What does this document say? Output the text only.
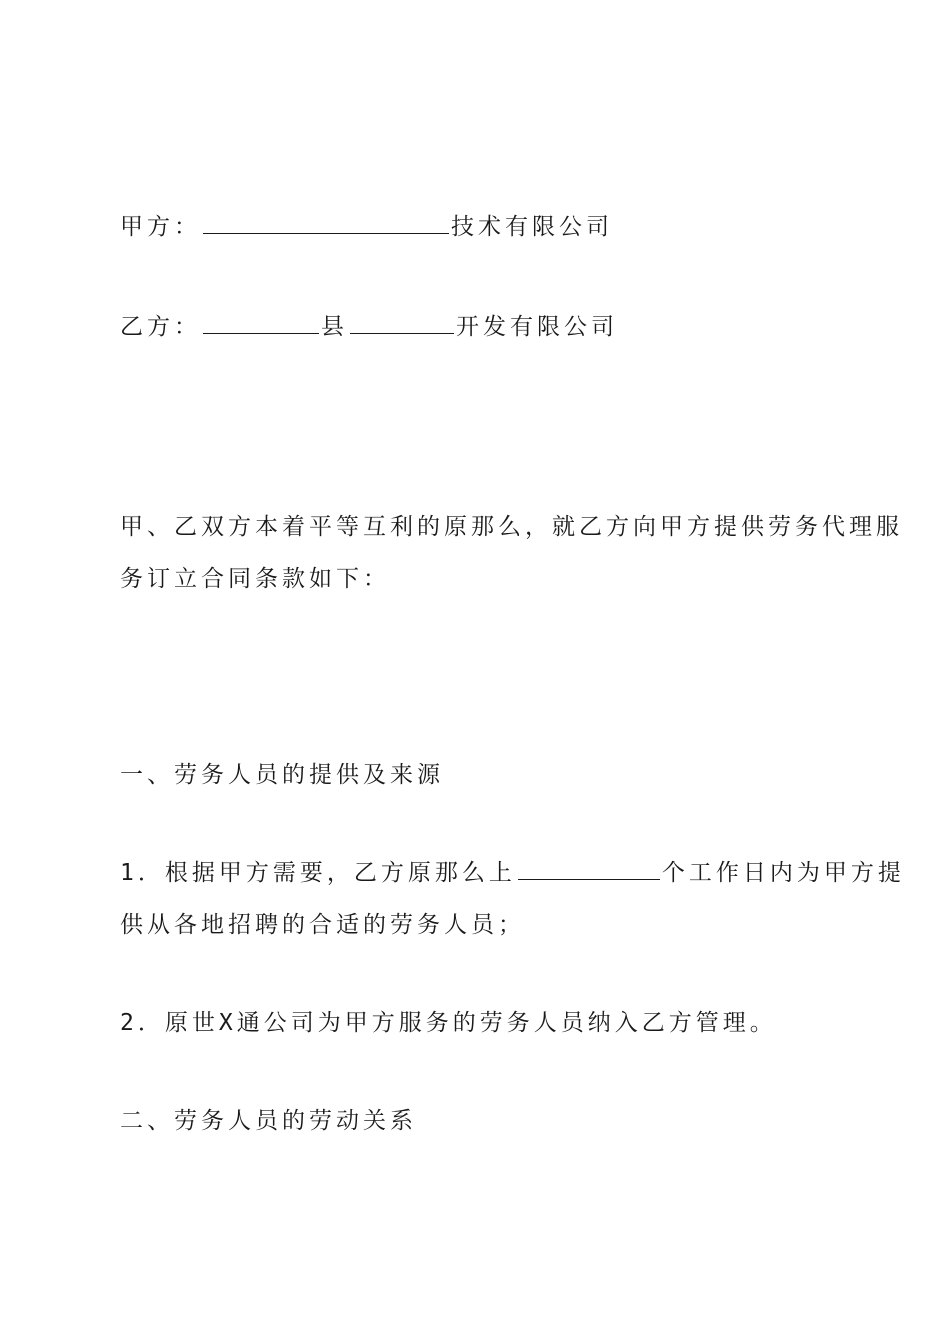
甲方：	技术有限公司
乙方：	县	开发有限公司
甲、乙双方本着平等互利的原那么，就乙方向甲方提供劳务代理服
务订立合同条款如下：
一、劳务人员的提供及来源
1．根据甲方需要，乙方原那么上	个工作日内为甲方提
供从各地招聘的合适的劳务人员；
2．原世X通公司为甲方服务的劳务人员纳入乙方管理。
二、劳务人员的劳动关系
